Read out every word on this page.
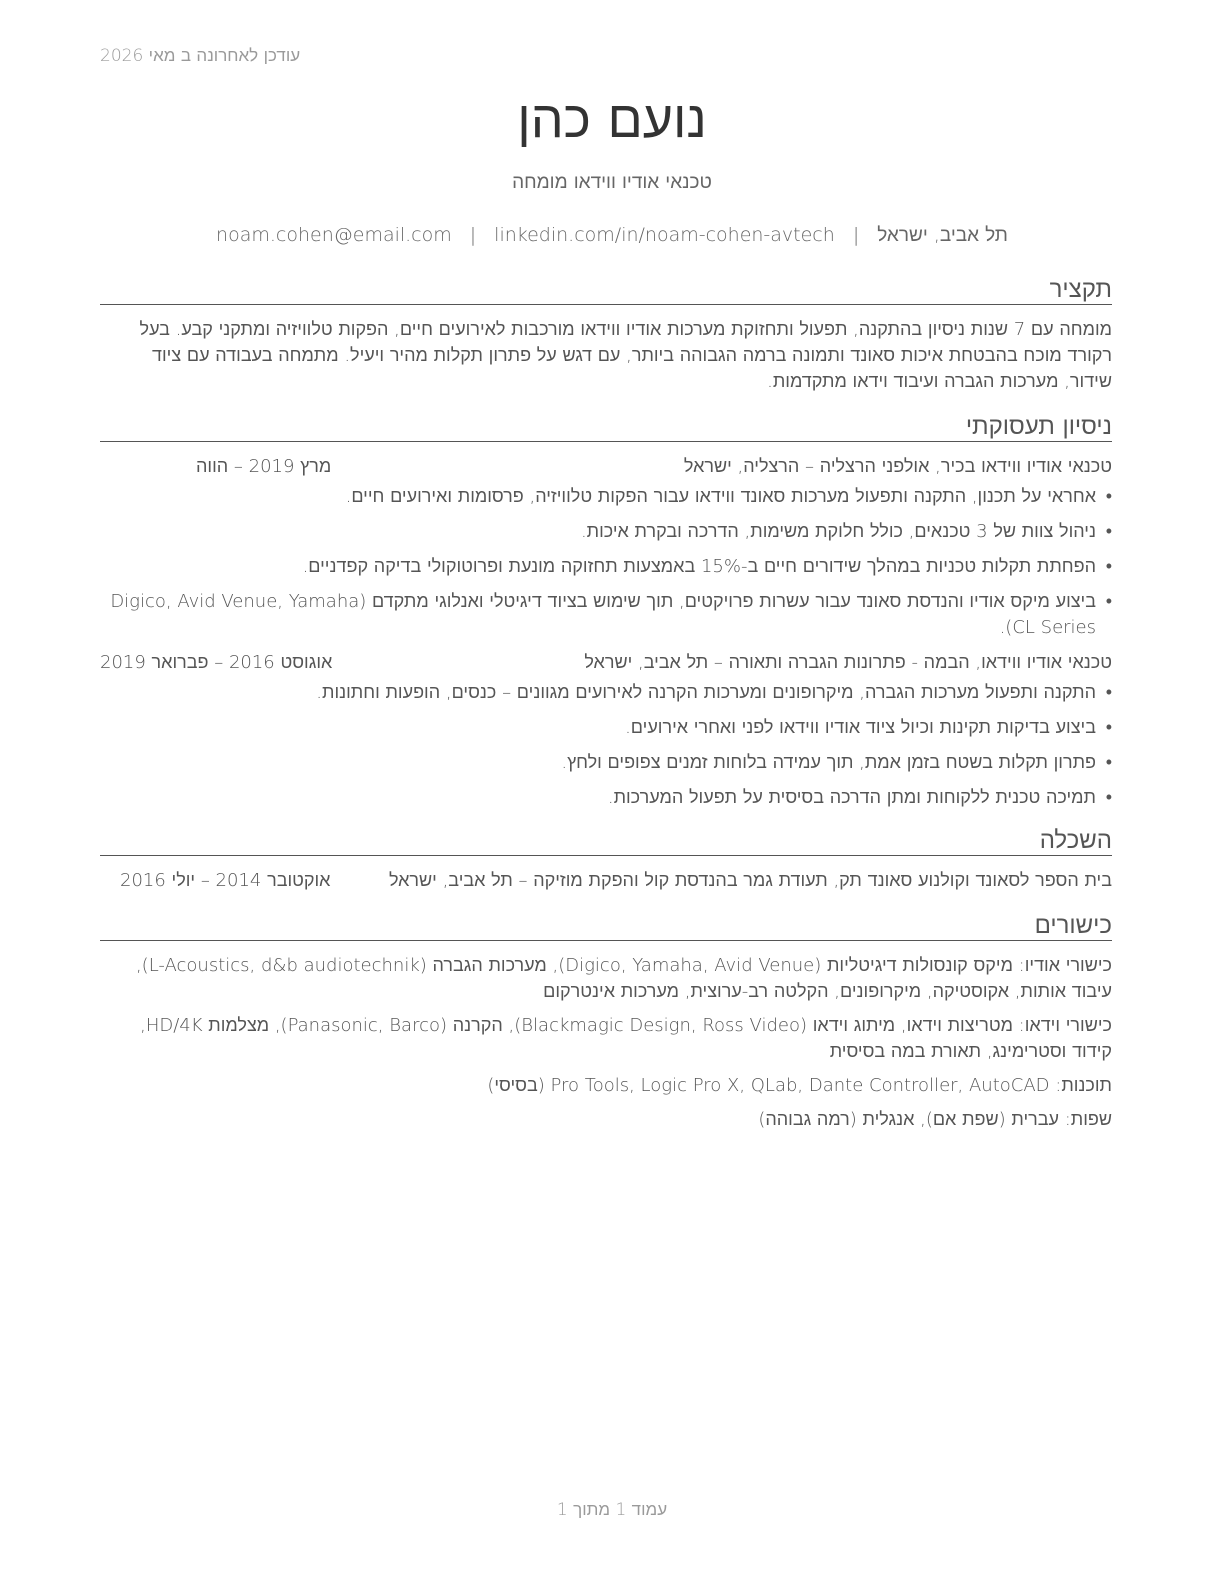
עודכן לאחרונה ב מאי 2026
נועם כהן
טכנאי אודיו ווידאו מומחה
תל אביב, ישראל|noam.cohen@email.com | linkedin.com/in/noam-cohen-avtech
תקציר
מומחה עם 7 שנות ניסיון בהתקנה, תפעול ותחזוקת מערכות אודיו ווידאו מורכבות לאירועים חיים, הפקות טלוויזיה ומתקני קבע. בעל רקורד מוכח בהבטחת איכות סאונד ותמונה ברמה הגבוהה ביותר, עם דגש על פתרון תקלות מהיר ויעיל. מתמחה בעבודה עם ציוד שידור, מערכות הגברה ועיבוד וידאו מתקדמות.
ניסיון תעסוקתי
טכנאי אודיו ווידאו בכיר, אולפני הרצליה – הרצליה, ישראל
מרץ 2019 – הווה
• אחראי על תכנון, התקנה ותפעול מערכות סאונד ווידאו עבור הפקות טלוויזיה, פרסומות ואירועים חיים.
• ניהול צוות של 3 טכנאים, כולל חלוקת משימות, הדרכה ובקרת איכות.
• הפחתת תקלות טכניות במהלך שידורים חיים ב-15% באמצעות תחזוקה מונעת ופרוטוקולי בדיקה קפדניים.
• ביצוע מיקס אודיו והנדסת סאונד עבור עשרות פרויקטים, תוך שימוש בציוד דיגיטלי ואנלוגי מתקדם (Digico, Avid Venue, Yamaha CL Series).
טכנאי אודיו ווידאו, הבמה - פתרונות הגברה ותאורה – תל אביב, ישראל
אוגוסט 2016 – פברואר 2019
• התקנה ותפעול מערכות הגברה, מיקרופונים ומערכות הקרנה לאירועים מגוונים – כנסים, הופעות וחתונות.
• ביצוע בדיקות תקינות וכיול ציוד אודיו ווידאו לפני ואחרי אירועים.
• פתרון תקלות בשטח בזמן אמת, תוך עמידה בלוחות זמנים צפופים ולחץ.
• תמיכה טכנית ללקוחות ומתן הדרכה בסיסית על תפעול המערכות.
השכלה
בית הספר לסאונד וקולנוע סאונד תק, תעודת גמר בהנדסת קול והפקת מוזיקה – תל אביב, ישראל
אוקטובר 2014 – יולי 2016
כישורים
כישורי אודיו: מיקס קונסולות דיגיטליות (Digico, Yamaha, Avid Venue), מערכות הגברה (L-Acoustics, d&b audiotechnik), עיבוד אותות, אקוסטיקה, מיקרופונים, הקלטה רב-ערוצית, מערכות אינטרקום
כישורי וידאו: מטריצות וידאו, מיתוג וידאו (Blackmagic Design, Ross Video), הקרנה (Panasonic, Barco), מצלמות HD/4K, קידוד וסטרימינג, תאורת במה בסיסית
תוכנות: Pro Tools, Logic Pro X, QLab, Dante Controller, AutoCAD (בסיסי)
שפות: עברית (שפת אם), אנגלית (רמה גבוהה)
עמוד 1 מתוך 1
